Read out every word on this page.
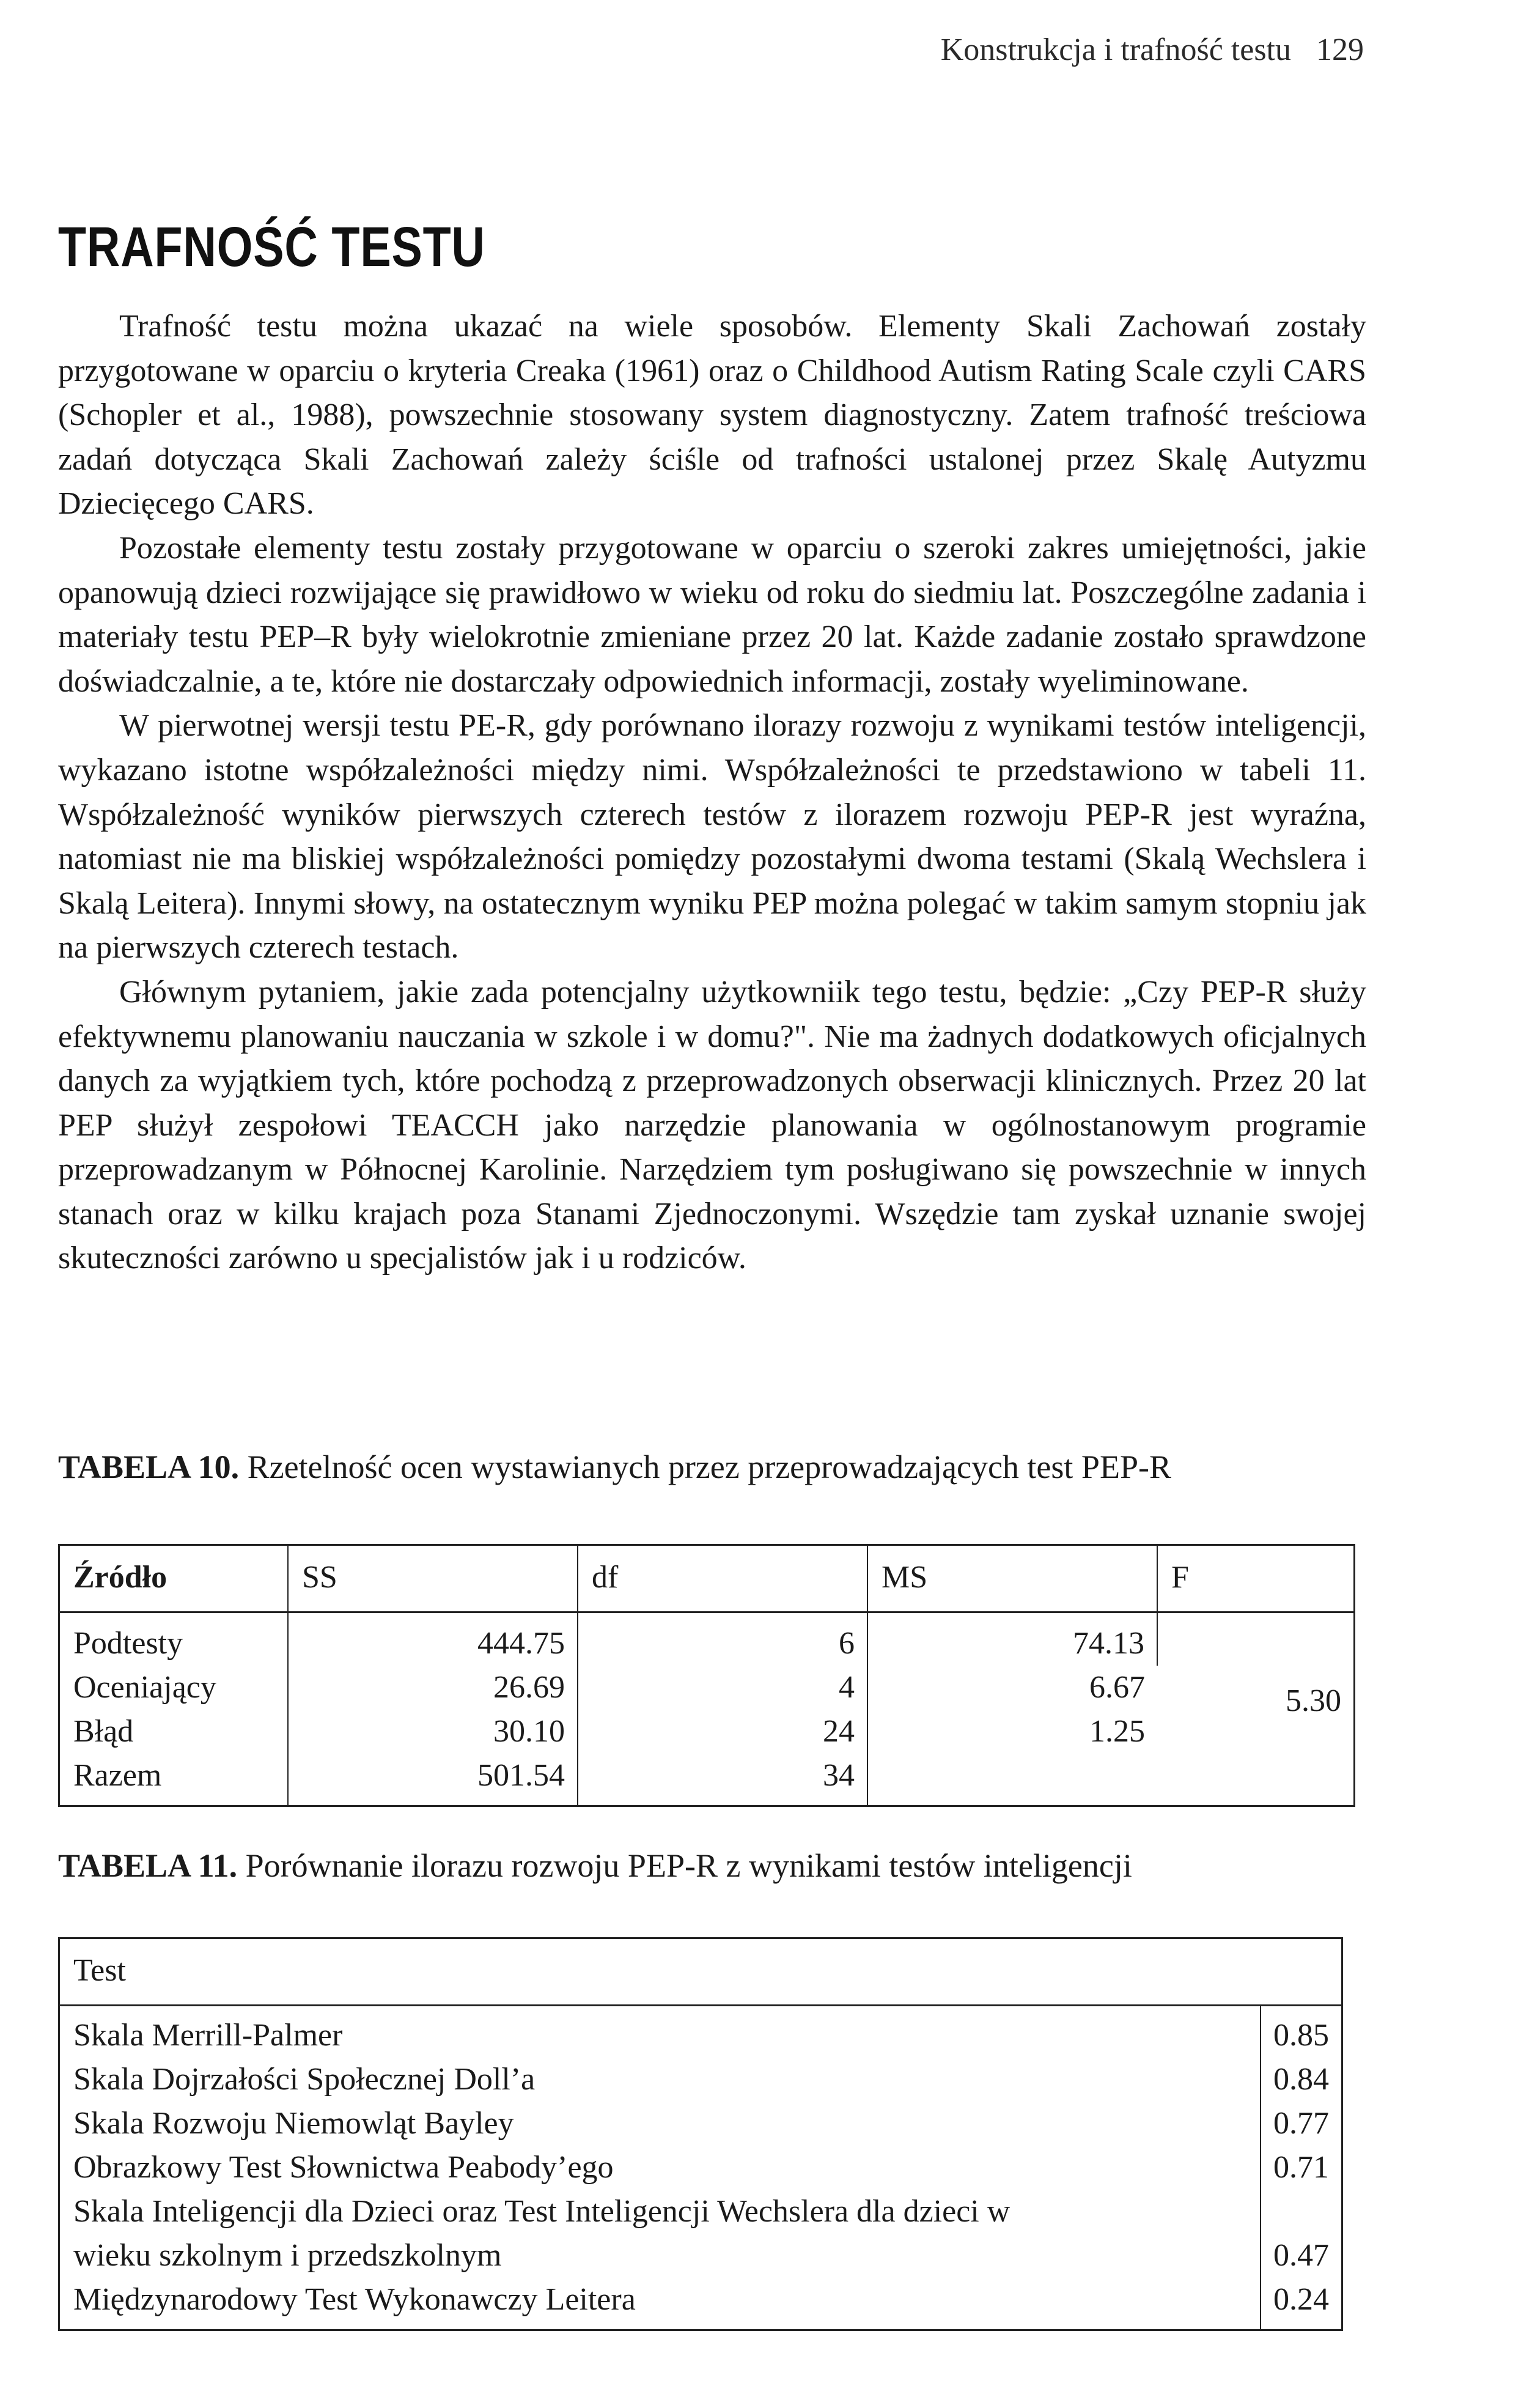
Konstrukcja i trafność testu 129
TRAFNOŚĆ TESTU

Trafność testu można ukazać na wiele sposobów. Elementy Skali Zachowań zostały przygotowane w oparciu o kryteria Creaka (1961) oraz o Childhood Autism Rating Scale czyli CARS (Schopler et al., 1988), powszechnie stosowany system diagnostyczny. Zatem trafność treściowa zadań dotycząca Skali Zachowań zależy ściśle od trafności ustalonej przez Skalę Autyzmu Dziecięcego CARS.

Pozostałe elementy testu zostały przygotowane w oparciu o szeroki zakres umiejętności, jakie opanowują dzieci rozwijające się prawidłowo w wieku od roku do siedmiu lat. Poszczególne zadania i materiały testu PEP–R były wielokrotnie zmieniane przez 20 lat. Każde zadanie zostało sprawdzone doświadczalnie, a te, które nie dostarczały odpowiednich informacji, zostały wyeliminowane.

W pierwotnej wersji testu PE-R, gdy porównano ilorazy rozwoju z wynikami testów inteligencji, wykazano istotne współzależności między nimi. Współzależności te przedstawiono w tabeli 11. Współzależność wyników pierwszych czterech testów z ilorazem rozwoju PEP-R jest wyraźna, natomiast nie ma bliskiej współzależności pomiędzy pozostałymi dwoma testami (Skalą Wechslera i Skalą Leitera). Innymi słowy, na ostatecznym wyniku PEP można polegać w takim samym stopniu jak na pierwszych czterech testach.

Głównym pytaniem, jakie zada potencjalny użytkowniik tego testu, będzie: „Czy PEP-R służy efektywnemu planowaniu nauczania w szkole i w domu?". Nie ma żadnych dodatkowych oficjalnych danych za wyjątkiem tych, które pochodzą z przeprowadzonych obserwacji klinicznych. Przez 20 lat PEP służył zespołowi TEACCH jako narzędzie planowania w ogólnostanowym programie przeprowadzanym w Północnej Karolinie. Narzędziem tym posługiwano się powszechnie w innych stanach oraz w kilku krajach poza Stanami Zjednoczonymi. Wszędzie tam zyskał uznanie swojej skuteczności zarówno u specjalistów jak i u rodziców.

TABELA 10. Rzetelność ocen wystawianych przez przeprowadzających test PEP-R
Źródło	SS	df	MS	F
Podtesty	444.75	6	74.13	5.30
Oceniający	26.69	4	6.67	
Błąd	30.10	24	1.25	
Razem	501.54	34		
TABELA 11. Porównanie ilorazu rozwoju PEP-R z wynikami testów inteligencji
Test	
Skala Merrill-Palmer	0.85
Skala Dojrzałości Społecznej Doll’a	0.84
Skala Rozwoju Niemowląt Bayley	0.77
Obrazkowy Test Słownictwa Peabody’ego	0.71
Skala Inteligencji dla Dzieci oraz Test Inteligencji Wechslera dla dzieci w wieku szkolnym i przedszkolnym	0.47
Międzynarodowy Test Wykonawczy Leitera	0.24
